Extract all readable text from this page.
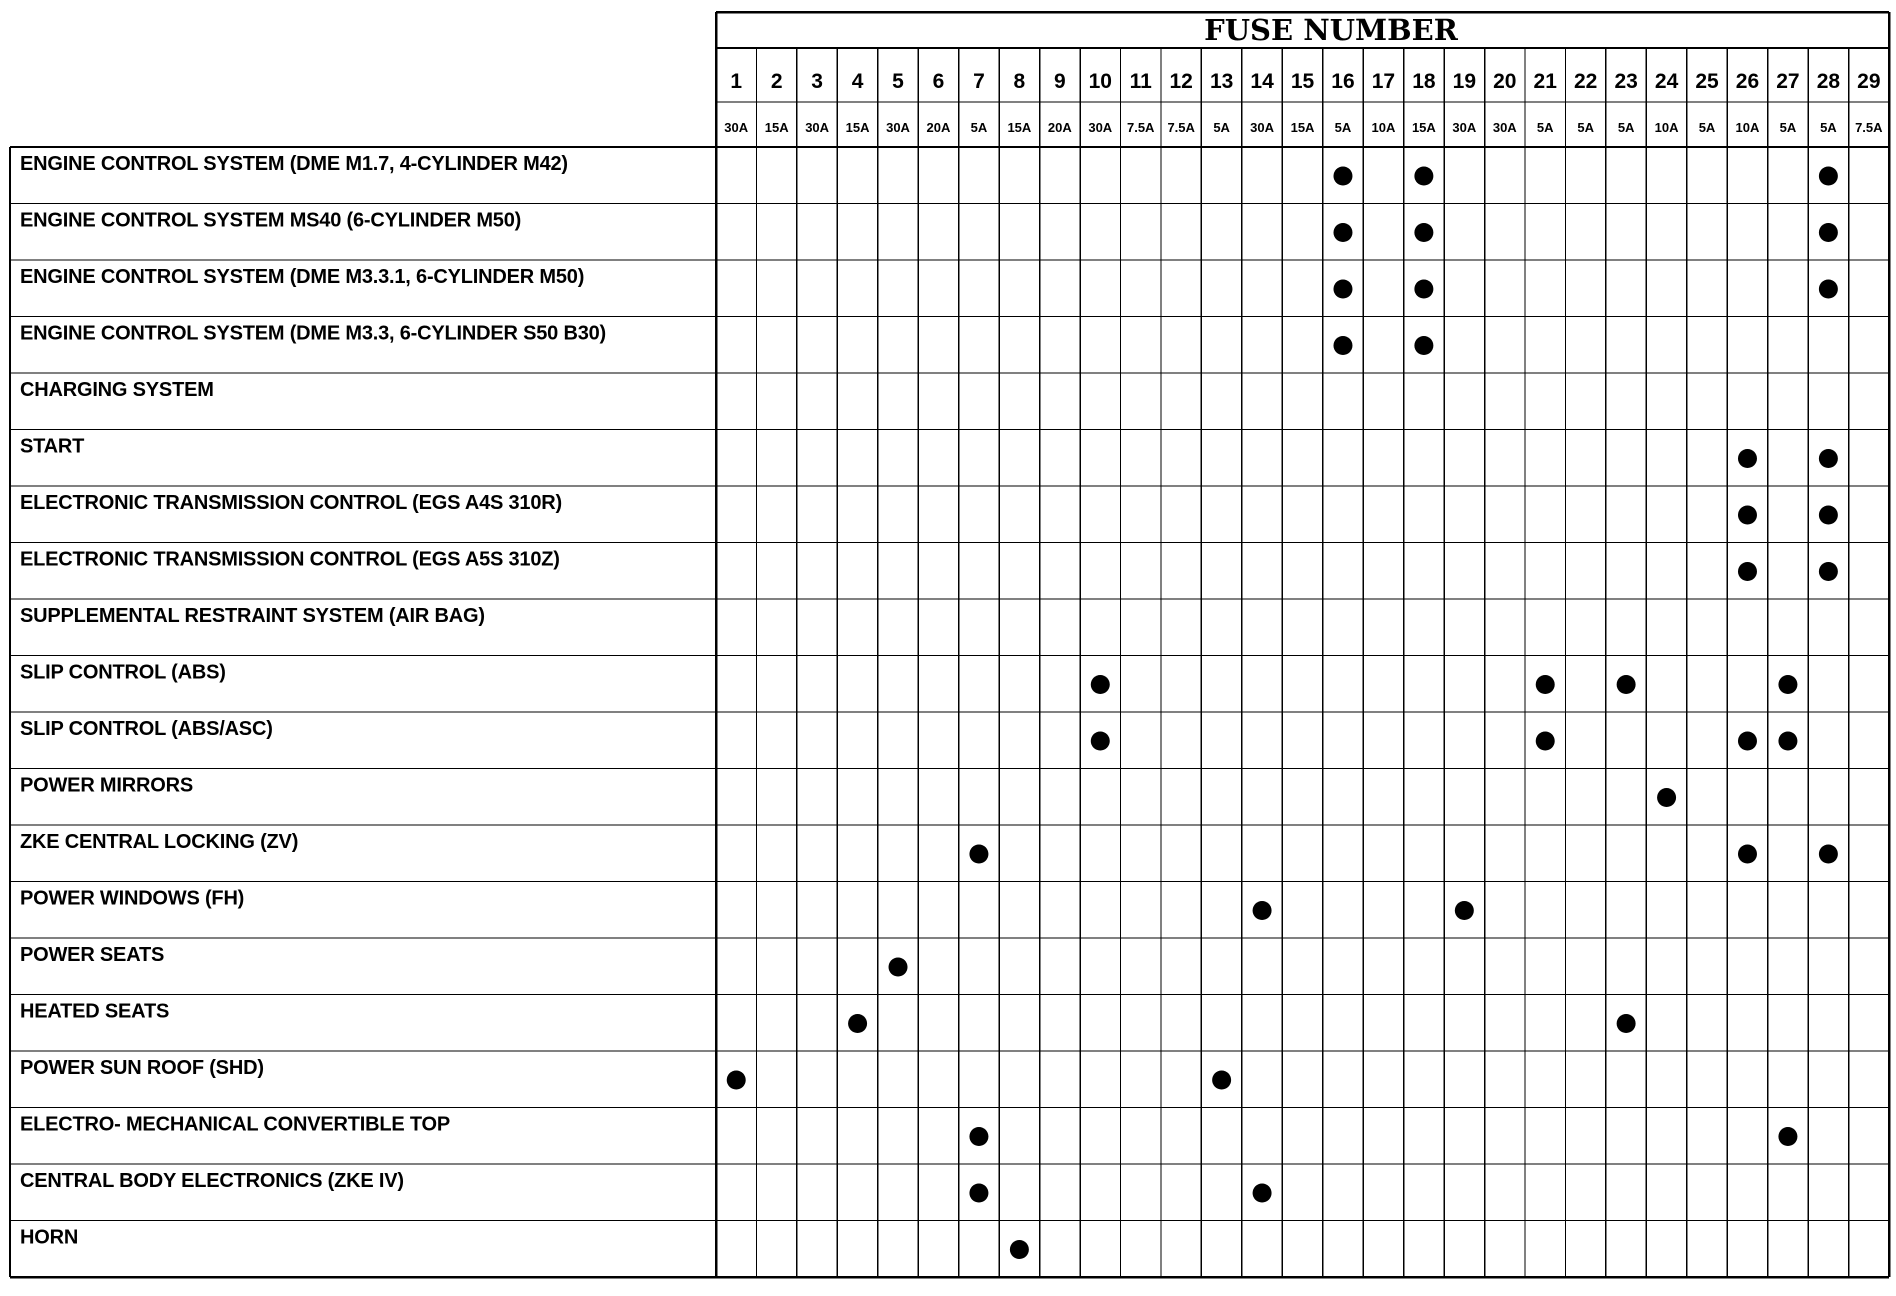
FUSE NUMBER
1 2 3 4 5 6 7 8 9 10 11 12 13 14 15 16 17 18 19 20 21 22 23 24 25 26 27 28 29
30A 15A 30A 15A 30A 20A 5A 15A 20A 30A 7.5A 7.5A 5A 30A 15A 5A 10A 15A 30A 30A 5A 5A 5A 10A 5A 10A 5A 5A 7.5A
ENGINE CONTROL SYSTEM (DME M1.7, 4-CYLINDER M42)
ENGINE CONTROL SYSTEM MS40 (6-CYLINDER M50)
ENGINE CONTROL SYSTEM (DME M3.3.1, 6-CYLINDER M50)
ENGINE CONTROL SYSTEM (DME M3.3, 6-CYLINDER S50 B30)
CHARGING SYSTEM
START
ELECTRONIC TRANSMISSION CONTROL (EGS A4S 310R)
ELECTRONIC TRANSMISSION CONTROL (EGS A5S 310Z)
SUPPLEMENTAL RESTRAINT SYSTEM (AIR BAG)
SLIP CONTROL (ABS)
SLIP CONTROL (ABS/ASC)
POWER MIRRORS
ZKE CENTRAL LOCKING (ZV)
POWER WINDOWS (FH)
POWER SEATS
HEATED SEATS
POWER SUN ROOF (SHD)
ELECTRO- MECHANICAL CONVERTIBLE TOP
CENTRAL BODY ELECTRONICS (ZKE IV)
HORN
